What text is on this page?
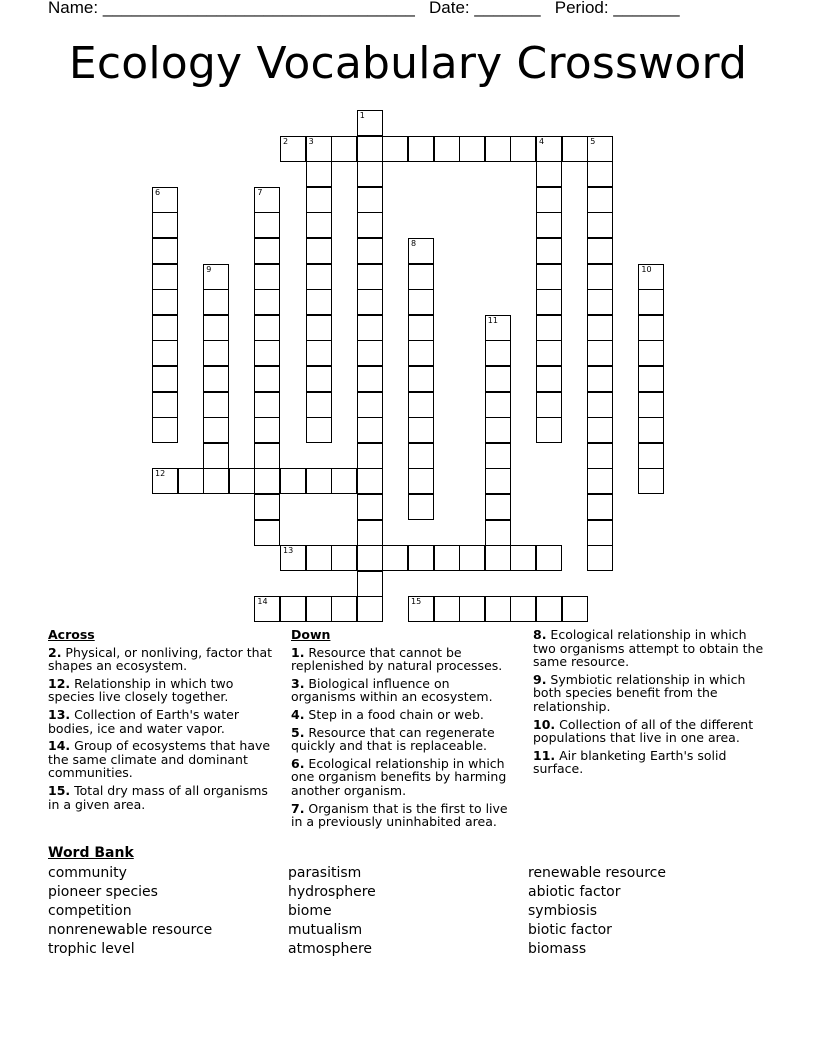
Name: _________________________________ Date: _______ Period: _______
Ecology Vocabulary Crossword
1
2	3	4	5
6	7
8
9	10
11
12
13
14	15
Across
2. Physical, or nonliving, factor that shapes an ecosystem.
12. Relationship in which two species live closely together.
13. Collection of Earth's water bodies, ice and water vapor.
14. Group of ecosystems that have the same climate and dominant communities.
15. Total dry mass of all organisms in a given area.
Down
1. Resource that cannot be replenished by natural processes.
3. Biological influence on organisms within an ecosystem.
4. Step in a food chain or web.
5. Resource that can regenerate quickly and that is replaceable.
6. Ecological relationship in which one organism benefits by harming another organism.
7. Organism that is the first to live in a previously uninhabited area.
8. Ecological relationship in which two organisms attempt to obtain the same resource.
9. Symbiotic relationship in which both species benefit from the relationship.
10. Collection of all of the different populations that live in one area.
11. Air blanketing Earth's solid surface.
Word Bank
community
pioneer species
competition
nonrenewable resource
trophic level
parasitism
hydrosphere
biome
mutualism
atmosphere
renewable resource
abiotic factor
symbiosis
biotic factor
biomass
